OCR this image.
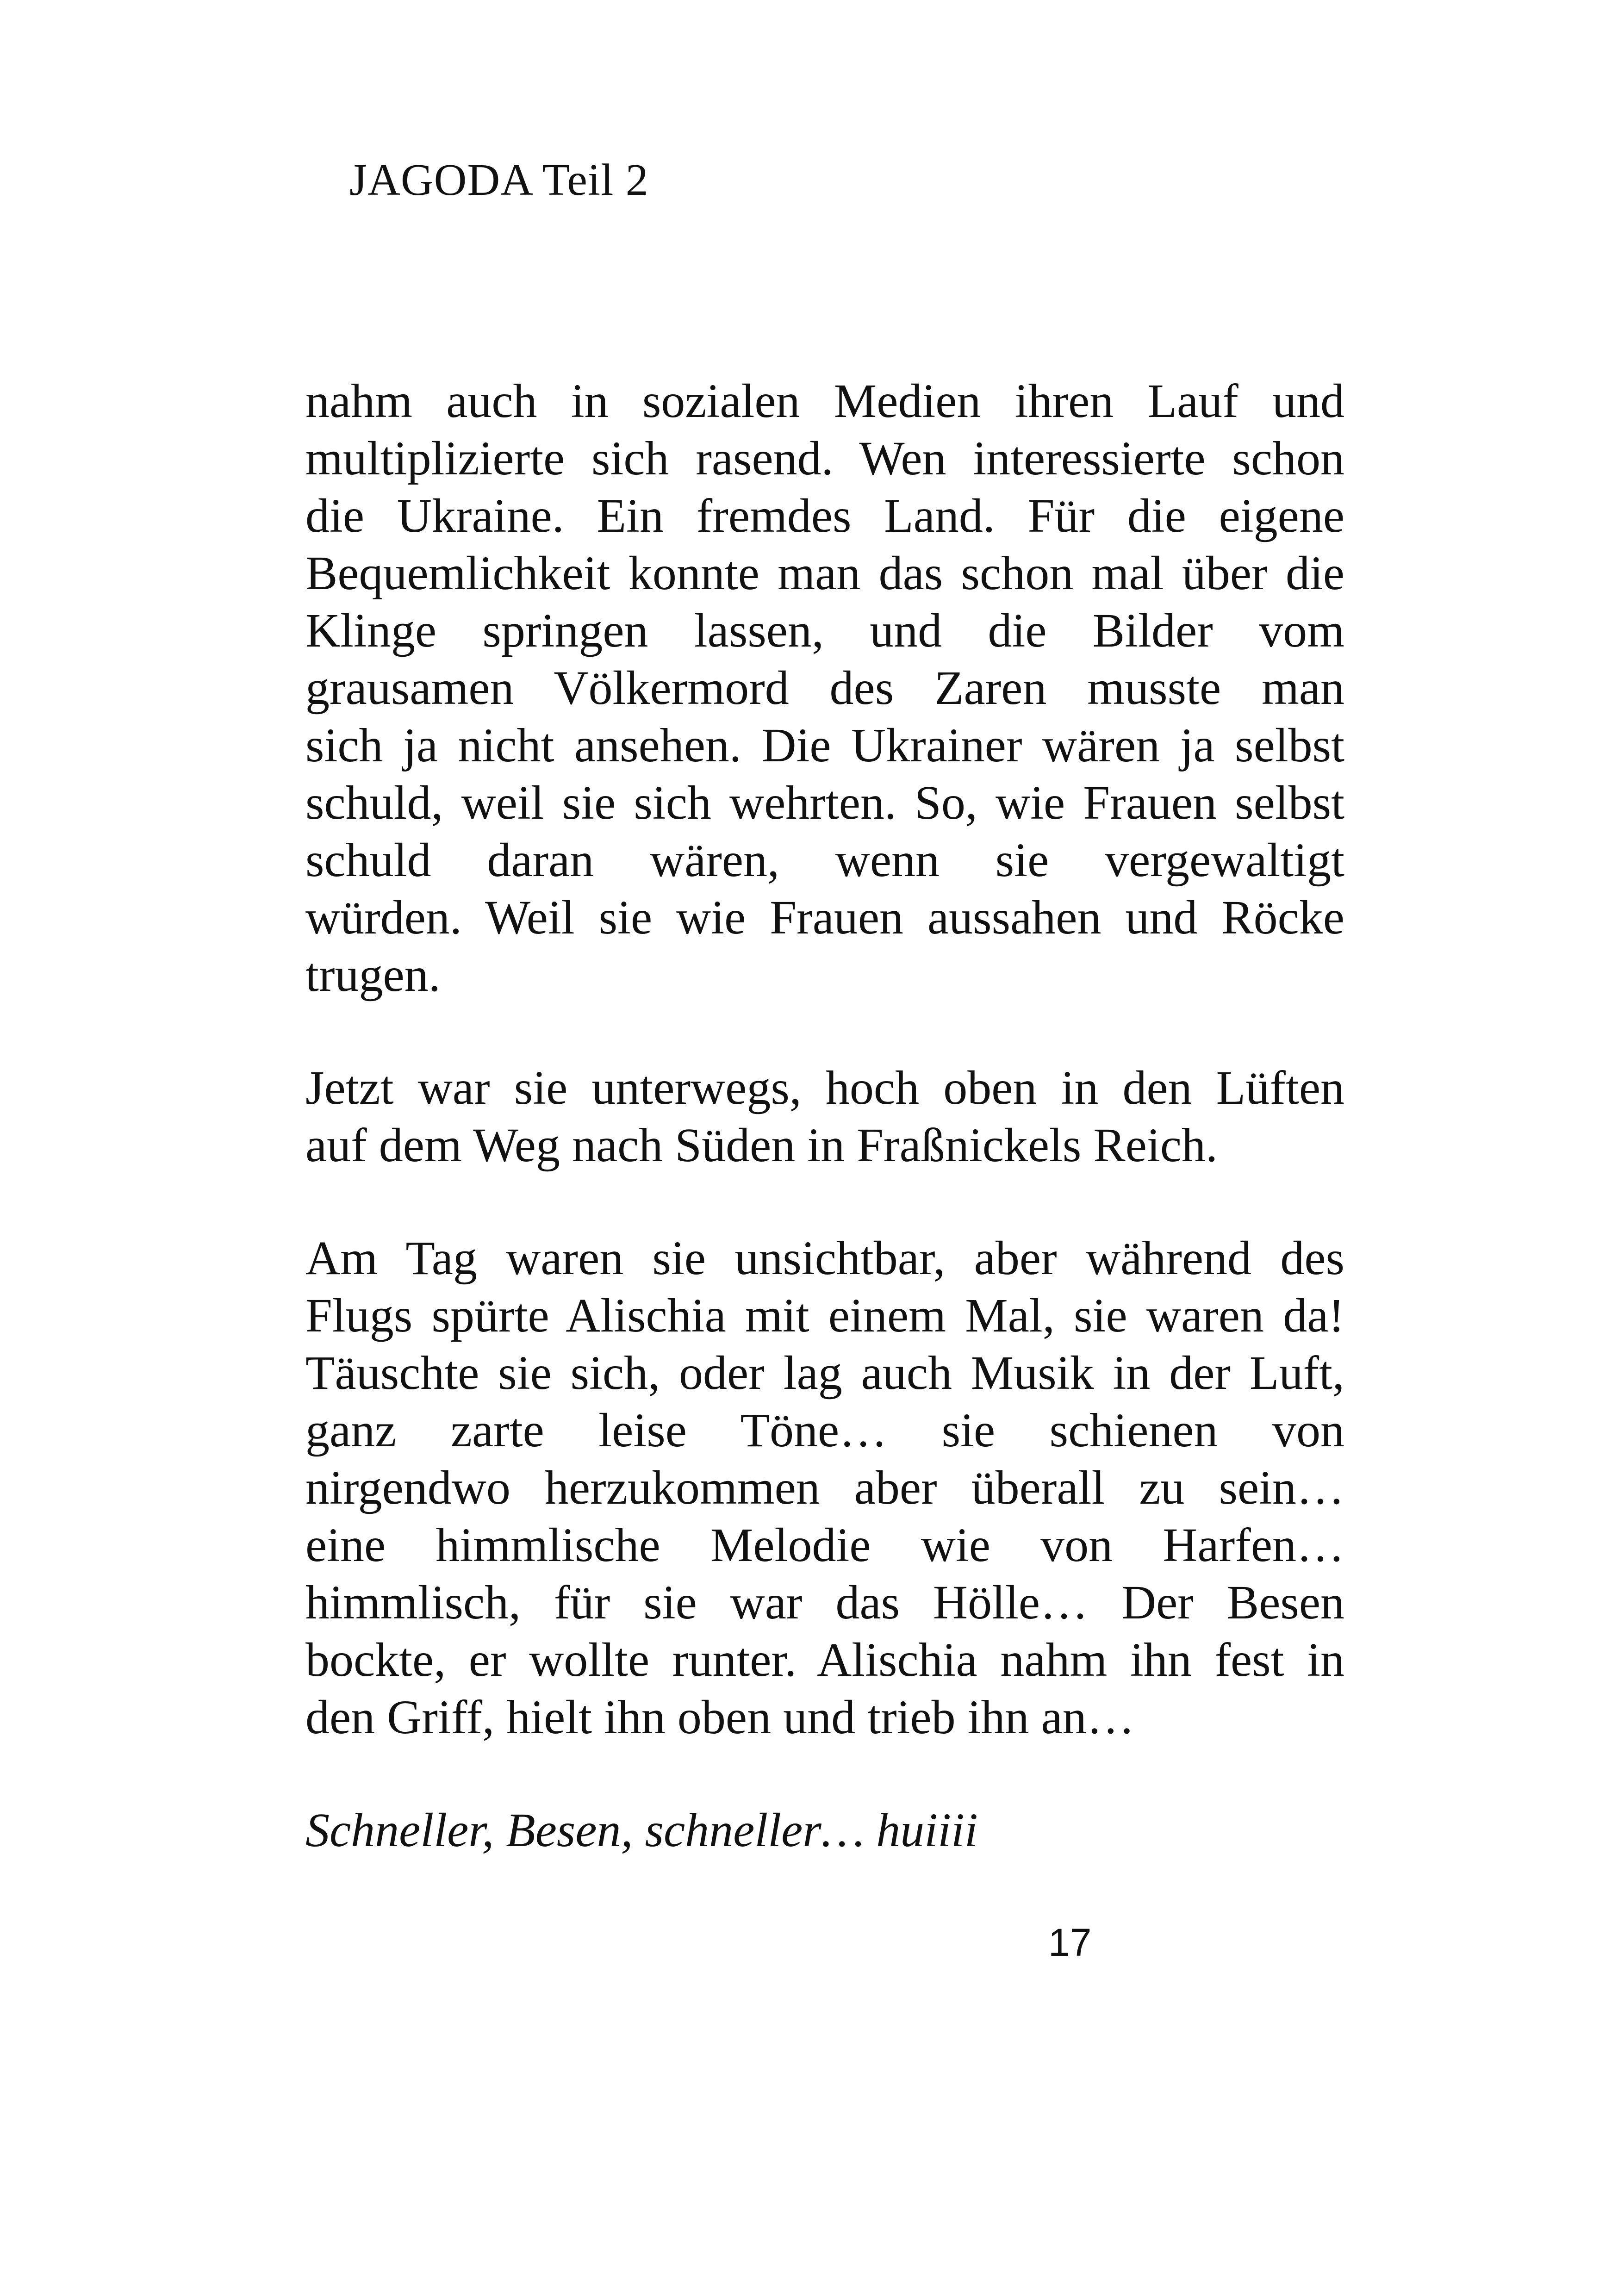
JAGODA Teil 2

nahm auch in sozialen Medien ihren Lauf und
multiplizierte sich rasend. Wen interessierte schon
die Ukraine. Ein fremdes Land. Für die eigene
Bequemlichkeit konnte man das schon mal über die
Klinge springen lassen, und die Bilder vom
grausamen Völkermord des Zaren musste man
sich ja nicht ansehen. Die Ukrainer wären ja selbst
schuld, weil sie sich wehrten. So, wie Frauen selbst
schuld daran wären, wenn sie vergewaltigt
würden. Weil sie wie Frauen aussahen und Röcke
trugen.

Jetzt war sie unterwegs, hoch oben in den Lüften
auf dem Weg nach Süden in Fraßnickels Reich.

Am Tag waren sie unsichtbar, aber während des
Flugs spürte Alischia mit einem Mal, sie waren da!
Täuschte sie sich, oder lag auch Musik in der Luft,
ganz zarte leise Töne… sie schienen von
nirgendwo herzukommen aber überall zu sein…
eine himmlische Melodie wie von Harfen…
himmlisch, für sie war das Hölle… Der Besen
bockte, er wollte runter. Alischia nahm ihn fest in
den Griff, hielt ihn oben und trieb ihn an…

Schneller, Besen, schneller… huiiii

17
